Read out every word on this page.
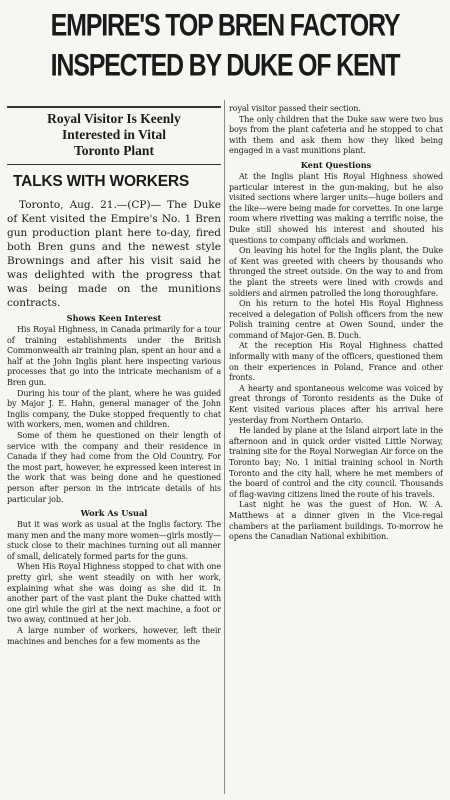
EMPIRE'S TOP BREN FACTORY
INSPECTED BY DUKE OF KENT
Royal Visitor Is Keenly
Interested in Vital
Toronto Plant
TALKS WITH WORKERS

Toronto, Aug. 21.—(CP)— The Duke of Kent visited the Empire's No. 1 Bren gun production plant here to-day, fired both Bren guns and the newest style Brownings and after his visit said he was delighted with the progress that was being made on the munitions contracts.

Shows Keen Interest

His Royal Highness, in Canada primarily for a tour of training establishments under the British Commonwealth air training plan, spent an hour and a half at the John Inglis plant here inspecting various processes that go into the intricate mechanism of a Bren gun.

During his tour of the plant, where he was guided by Major J. E. Hahn, general manager of the John Inglis company, the Duke stopped frequently to chat with workers, men, women and children.

Some of them he questioned on their length of service with the company and their residence in Canada if they had come from the Old Country. For the most part, however, he expressed keen interest in the work that was being done and he questioned person after person in the intricate details of his particular job.

Work As Usual

But it was work as usual at the Inglis factory. The many men and the many more women—girls mostly—stuck close to their machines turning out all manner of small, delicately formed parts for the guns.

When His Royal Highness stopped to chat with one pretty girl, she went steadily on with her work, explaining what she was doing as she did it. In another part of the vast plant the Duke chatted with one girl while the girl at the next machine, a foot or two away, continued at her job.

A large number of workers, however, left their machines and benches for a few moments as the

royal visitor passed their section.

The only children that the Duke saw were two bus boys from the plant cafeteria and he stopped to chat with them and ask them how they liked being engaged in a vast munitions plant.

Kent Questions

At the Inglis plant His Royal Highness showed particular interest in the gun-making, but he also visited sections where larger units—huge boilers and the like—were being made for corvettes. In one large room where rivetting was making a terrific noise, the Duke still showed his interest and shouted his questions to company officials and workmen.

On leaving his hotel for the Inglis plant, the Duke of Kent was greeted with cheers by thousands who thronged the street outside. On the way to and from the plant the streets were lined with crowds and soldiers and airmen patrolled the long thoroughfare.

On his return to the hotel His Royal Highness received a delegation of Polish officers from the new Polish training centre at Owen Sound, under the command of Major-Gen. B. Duch.

At the reception His Royal Highness chatted informally with many of the officers, questioned them on their experiences in Poland, France and other fronts.

A hearty and spontaneous welcome was voiced by great throngs of Toronto residents as the Duke of Kent visited various places after his arrival here yesterday from Northern Ontario.

He landed by plane at the Island airport late in the afternoon and in quick order visited Little Norway, training site for the Royal Norwegian Air force on the Toronto bay; No. 1 initial training school in North Toronto and the city hall, where he met members of the board of control and the city council. Thousands of flag-waving citizens lined the route of his travels.

Last night he was the guest of Hon. W. A. Matthews at a dinner given in the Vice-regal chambers at the parliament buildings. To-morrow he opens the Canadian National exhibition.
